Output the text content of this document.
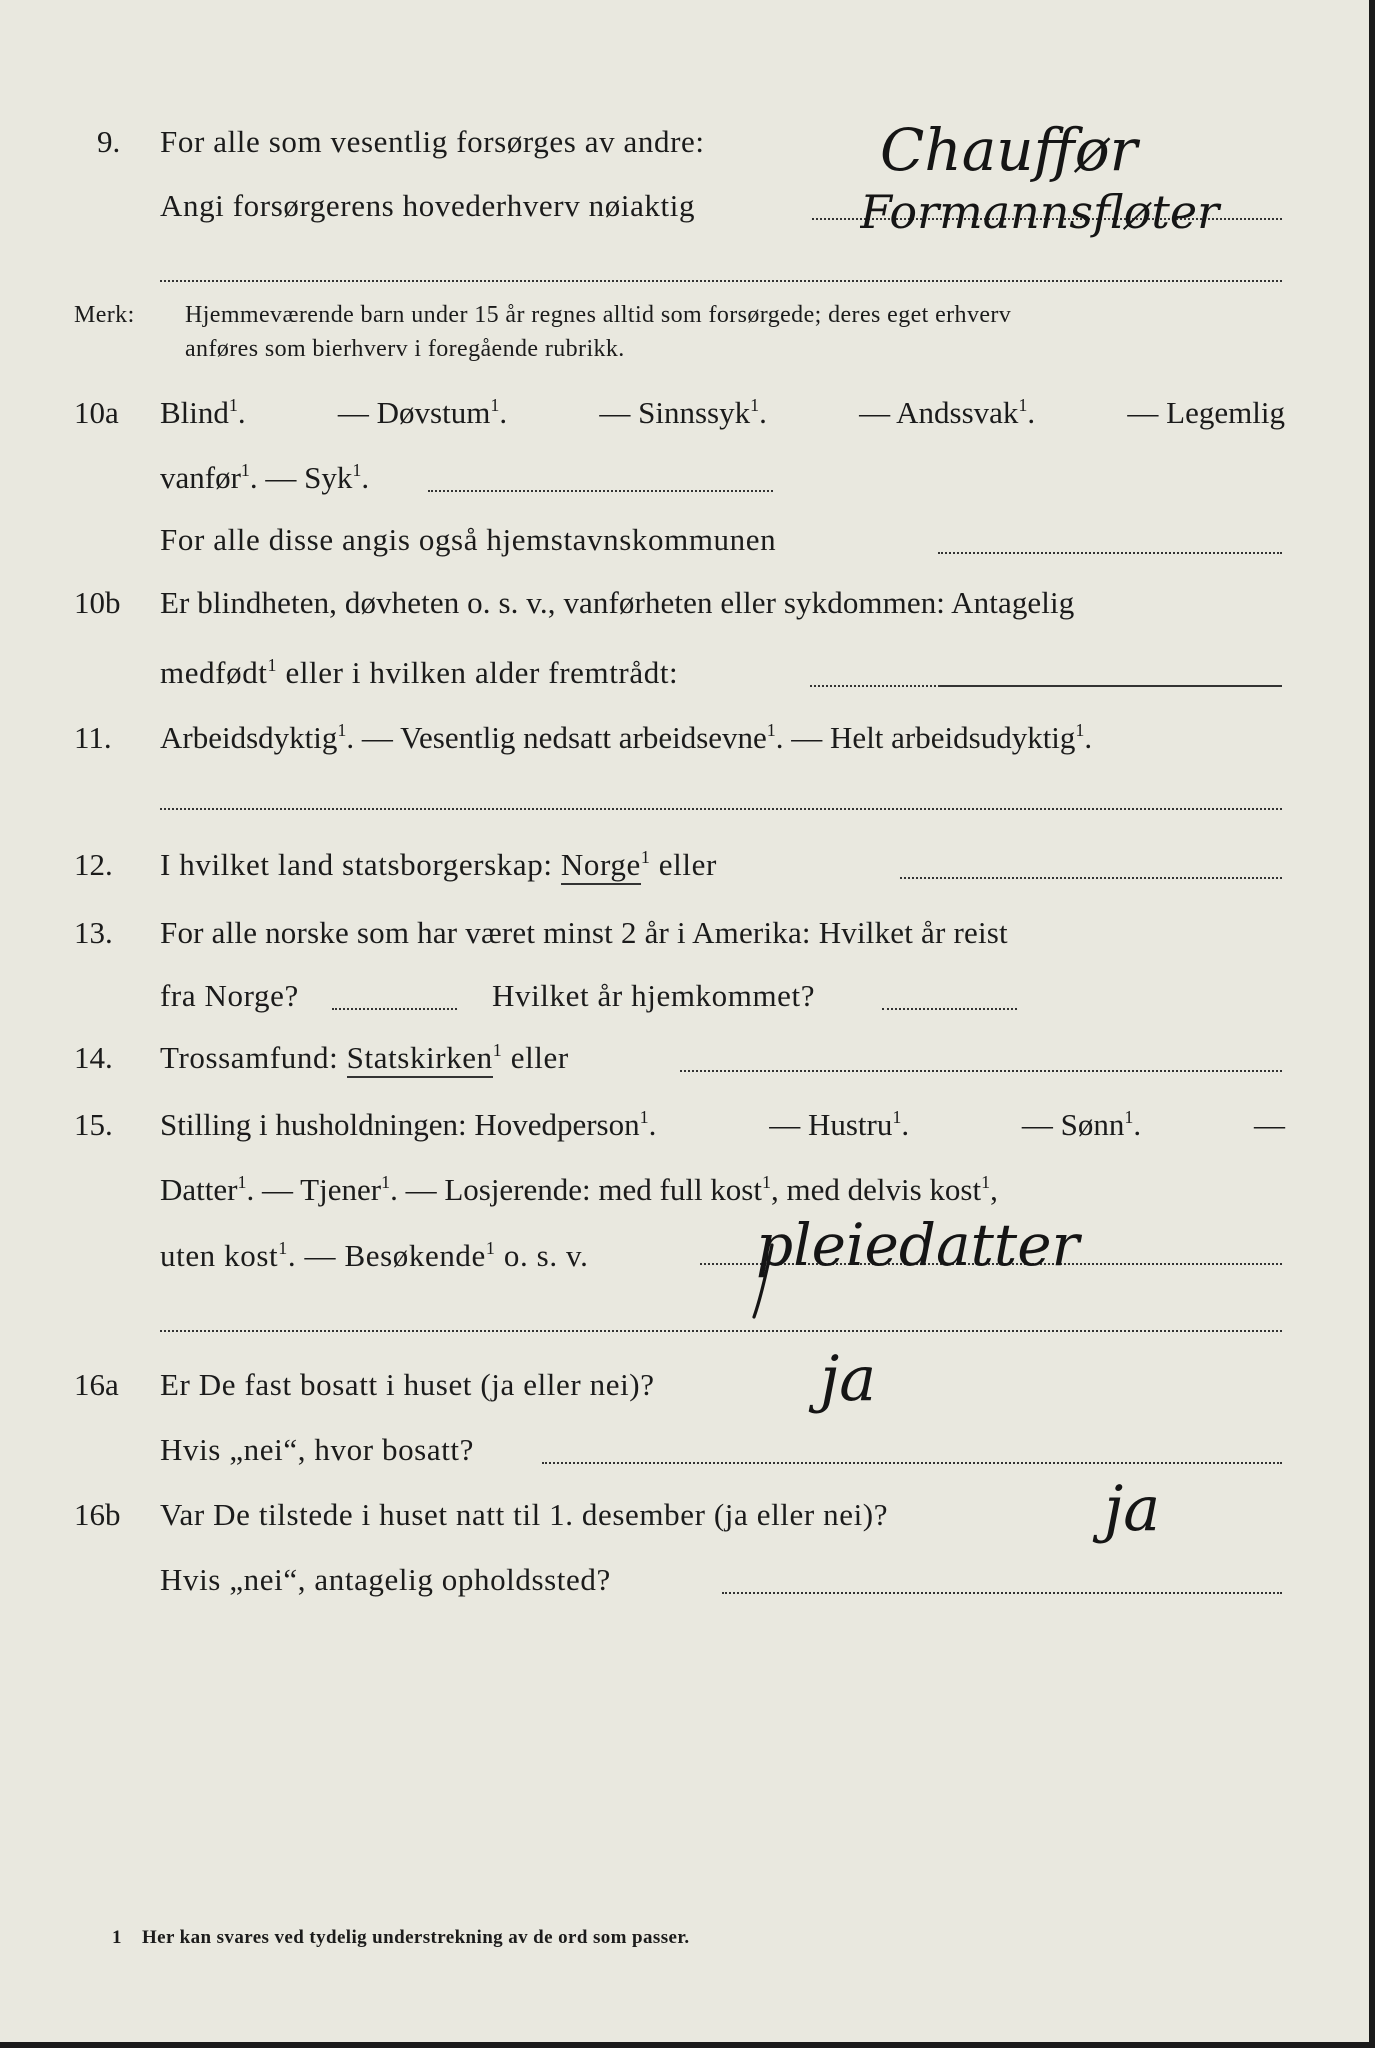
9. For alle som vesentlig forsørges av andre:
Angi forsørgerens hovederhverv nøiaktig
Chauffør
Formannsfløter
Merk: Hjemmeværende barn under 15 år regnes alltid som forsørgede; deres eget erhverv
anføres som bierhverv i foregående rubrikk.
10a Blind$^1$.	— Døvstum$^1$.	— Sinnssyk$^1$.	— Andssvak$^1$.	— Legemlig
vanfør$^1$. — Syk$^1$.
For alle disse angis også hjemstavnskommunen
10b Er blindheten, døvheten o. s. v., vanførheten eller sykdommen: Antagelig
medfødt$^1$ eller i hvilken alder fremtrådt:
11. Arbeidsdyktig$^1$. — Vesentlig nedsatt arbeidsevne$^1$. — Helt arbeidsudyktig$^1$.
12. I hvilket land statsborgerskap: Norge$^1$ eller
13. For alle norske som har været minst 2 år i Amerika: Hvilket år reist
fra Norge?	Hvilket år hjemkommet?
14. Trossamfund: Statskirken$^1$ eller
15. Stilling i husholdningen: Hovedperson$^1$.	— Hustru$^1$.	— Sønn$^1$.	—
Datter$^1$. — Tjener$^1$. — Losjerende: med full kost$^1$, med delvis kost$^1$,
uten kost$^1$. — Besøkende$^1$ o. s. v.	pleiedatter
16a Er De fast bosatt i huset (ja eller nei)?
Hvis „nei“, hvor bosatt?
ja
16b Var De tilstede i huset natt til 1. desember (ja eller nei)?
Hvis „nei“, antagelig opholdssted?
ja
1 Her kan svares ved tydelig understrekning av de ord som passer.
